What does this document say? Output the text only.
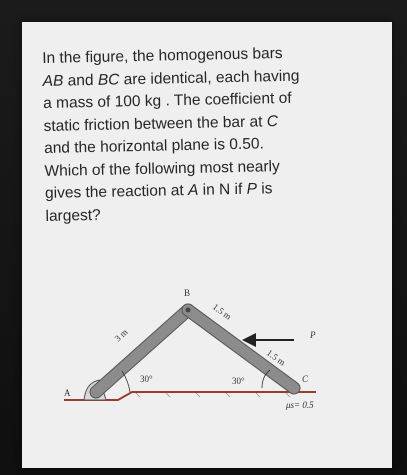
In the figure, the homogenous bars
AB and BC are identical, each having
a mass of 100 kg . The coefficient of
static friction between the bar at C
and the horizontal plane is 0.50.
Which of the following most nearly
gives the reaction at A in N if P is
largest?

A
B
C
P
3 m
1.5 m
1.5 m
30°	30°
μs= 0.5
